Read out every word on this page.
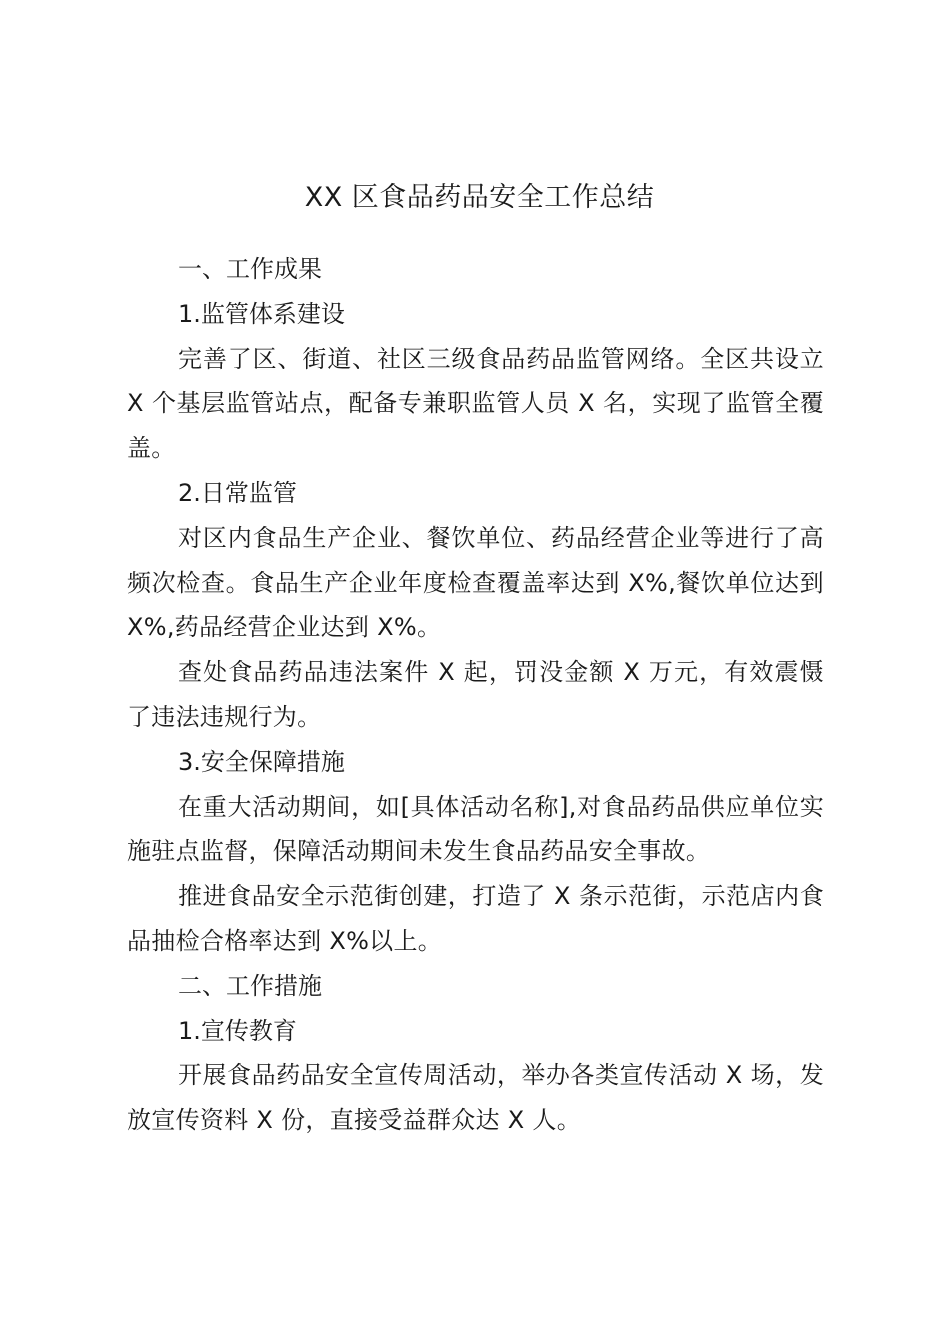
XX 区食品药品安全工作总结

一、工作成果

1.监管体系建设

完善了区、街道、社区三级食品药品监管网络。全区共设立 X 个基层监管站点，配备专兼职监管人员 X 名，实现了监管全覆盖。

2.日常监管

对区内食品生产企业、餐饮单位、药品经营企业等进行了高频次检查。食品生产企业年度检查覆盖率达到 X%,餐饮单位达到 X%,药品经营企业达到 X%。

查处食品药品违法案件 X 起，罚没金额 X 万元，有效震慑了违法违规行为。

3.安全保障措施

在重大活动期间，如[具体活动名称],对食品药品供应单位实施驻点监督，保障活动期间未发生食品药品安全事故。

推进食品安全示范街创建，打造了 X 条示范街，示范店内食品抽检合格率达到 X%以上。

二、工作措施

1.宣传教育

开展食品药品安全宣传周活动，举办各类宣传活动 X 场，发放宣传资料 X 份，直接受益群众达 X 人。
